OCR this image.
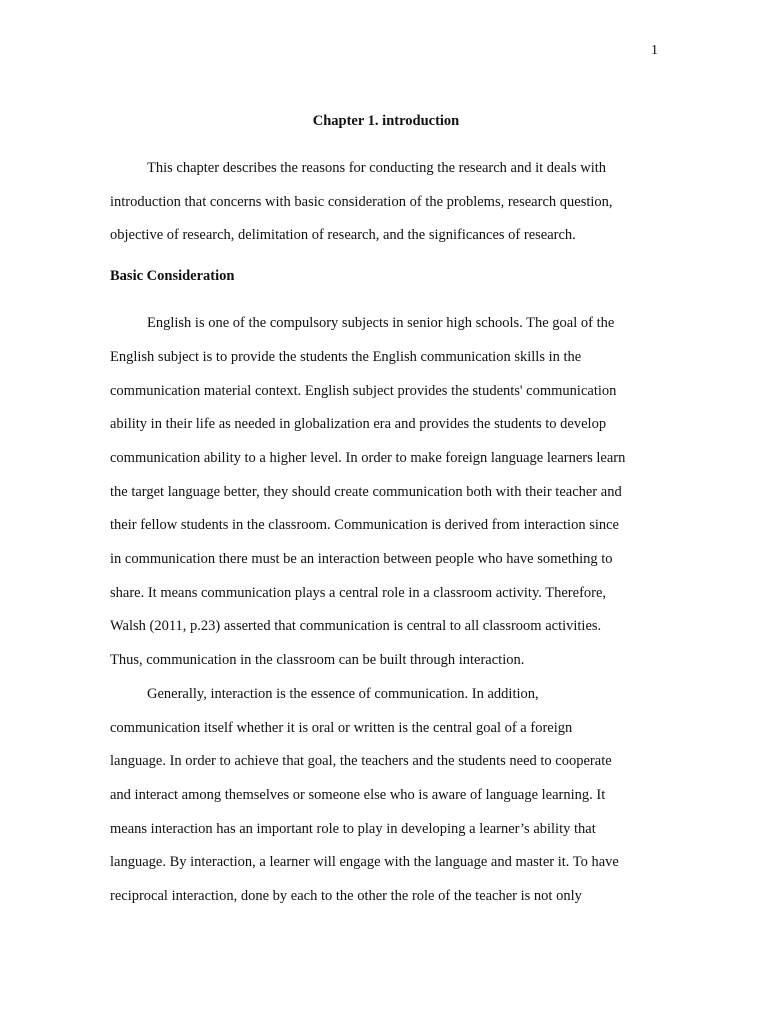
1
Chapter 1. introduction

This chapter describes the reasons for conducting the research and it deals with
introduction that concerns with basic consideration of the problems, research question,
objective of research, delimitation of research, and the significances of research.

Basic Consideration

English is one of the compulsory subjects in senior high schools. The goal of the
English subject is to provide the students the English communication skills in the
communication material context. English subject provides the students' communication
ability in their life as needed in globalization era and provides the students to develop
communication ability to a higher level. In order to make foreign language learners learn
the target language better, they should create communication both with their teacher and
their fellow students in the classroom. Communication is derived from interaction since
in communication there must be an interaction between people who have something to
share. It means communication plays a central role in a classroom activity. Therefore,
Walsh (2011, p.23) asserted that communication is central to all classroom activities.
Thus, communication in the classroom can be built through interaction.

Generally, interaction is the essence of communication. In addition,
communication itself whether it is oral or written is the central goal of a foreign
language. In order to achieve that goal, the teachers and the students need to cooperate
and interact among themselves or someone else who is aware of language learning. It
means interaction has an important role to play in developing a learner’s ability that
language. By interaction, a learner will engage with the language and master it. To have
reciprocal interaction, done by each to the other the role of the teacher is not only
